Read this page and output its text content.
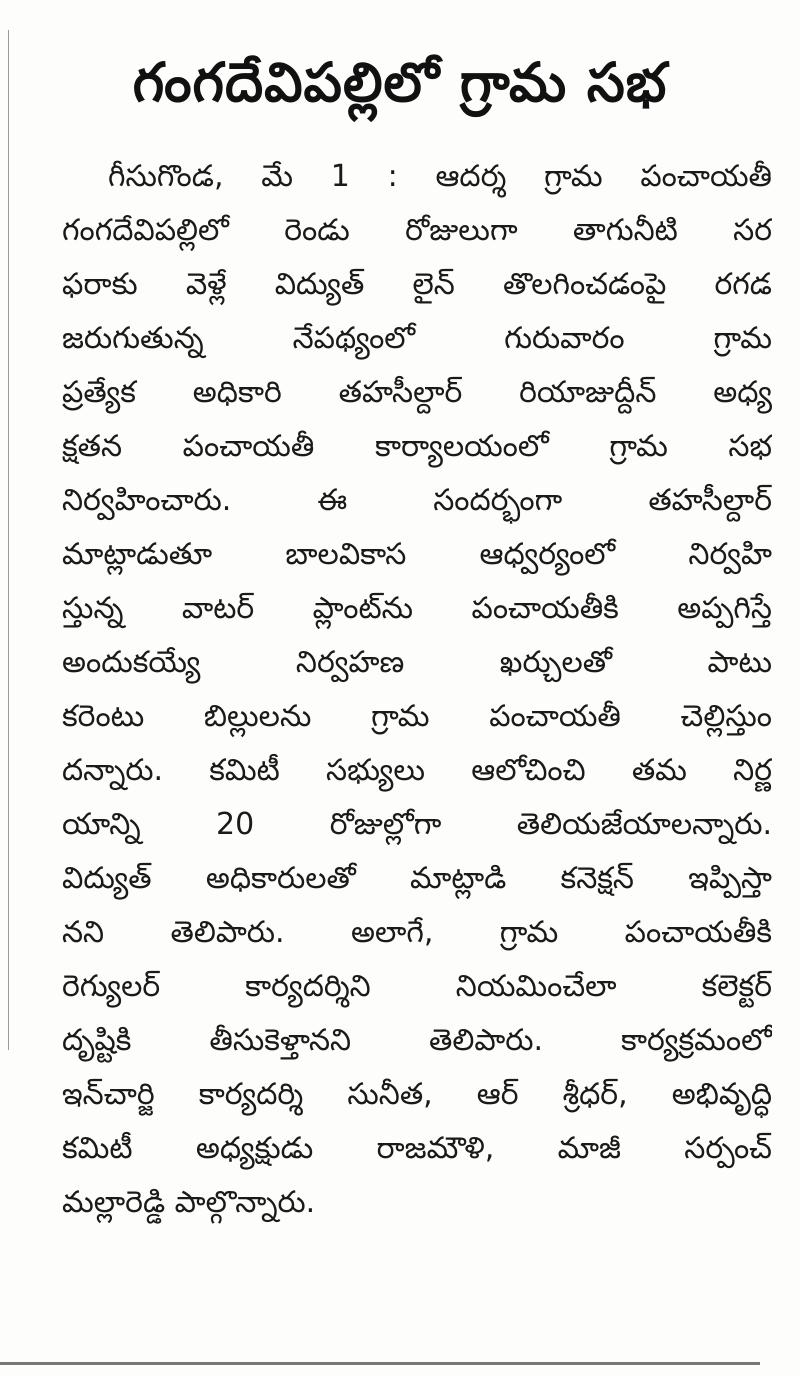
గంగదేవిపల్లిలో గ్రామ సభ
గీసుగొండ, మే 1 : ఆదర్శ గ్రామ పంచాయతీ
గంగదేవిపల్లిలో రెండు రోజులుగా తాగునీటి సర
ఫరాకు వెళ్లే విద్యుత్ లైన్ తొలగించడంపై రగడ
జరుగుతున్న నేపథ్యంలో గురువారం గ్రామ
ప్రత్యేక అధికారి తహసీల్దార్ రియాజుద్దీన్ అధ్య
క్షతన పంచాయతీ కార్యాలయంలో గ్రామ సభ
నిర్వహించారు. ఈ సందర్భంగా తహసీల్దార్
మాట్లాడుతూ బాలవికాస ఆధ్వర్యంలో నిర్వహి
స్తున్న వాటర్ ప్లాంట్‌ను పంచాయతీకి అప్పగిస్తే
అందుకయ్యే నిర్వహణ ఖర్చులతో పాటు
కరెంటు బిల్లులను గ్రామ పంచాయతీ చెల్లిస్తుం
దన్నారు. కమిటీ సభ్యులు ఆలోచించి తమ నిర్ణ
యాన్ని 20 రోజుల్లోగా తెలియజేయాలన్నారు.
విద్యుత్ అధికారులతో మాట్లాడి కనెక్షన్ ఇప్పిస్తా
నని తెలిపారు. అలాగే, గ్రామ పంచాయతీకి
రెగ్యులర్ కార్యదర్శిని నియమించేలా కలెక్టర్
దృష్టికి తీసుకెళ్తానని తెలిపారు. కార్యక్రమంలో
ఇన్‌చార్జి కార్యదర్శి సునీత, ఆర్ శ్రీధర్, అభివృద్ధి
కమిటీ అధ్యక్షుడు రాజమౌళి, మాజీ సర్పంచ్
మల్లారెడ్డి పాల్గొన్నారు.
